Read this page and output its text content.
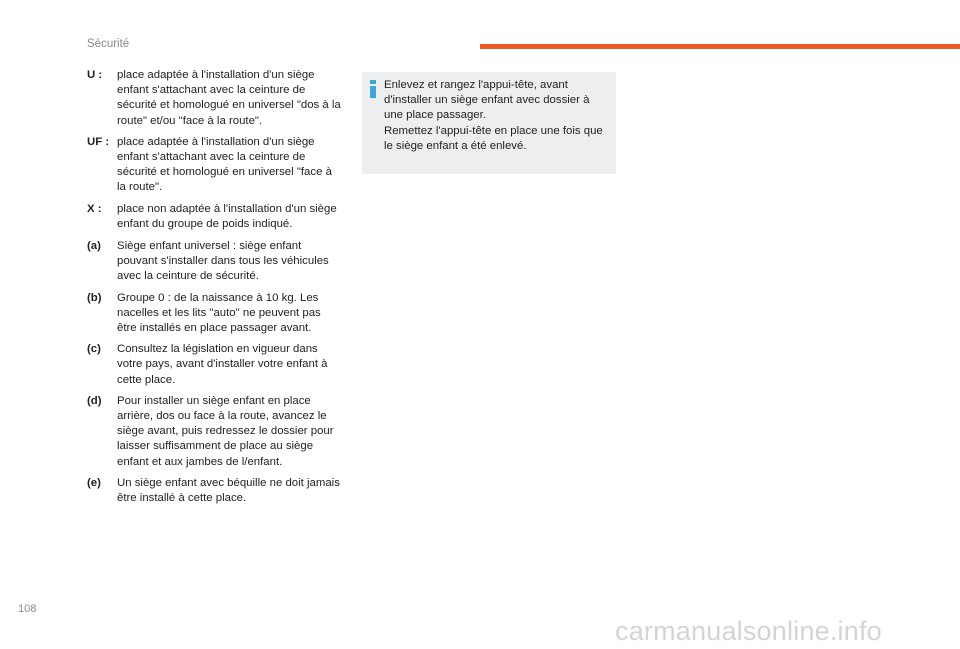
Sécurité
U :	place adaptée à l'installation d'un siège enfant s'attachant avec la ceinture de sécurité et homologué en universel "dos à la route" et/ou "face à la route".
UF : place adaptée à l'installation d'un siège enfant s'attachant avec la ceinture de sécurité et homologué en universel "face à la route".
X :	place non adaptée à l'installation d'un siège enfant du groupe de poids indiqué.
(a)	Siège enfant universel : siège enfant pouvant s'installer dans tous les véhicules avec la ceinture de sécurité.
(b)	Groupe 0 : de la naissance à 10 kg. Les nacelles et les lits "auto" ne peuvent pas être installés en place passager avant.
(c)	Consultez la législation en vigueur dans votre pays, avant d'installer votre enfant à cette place.
(d)	Pour installer un siège enfant en place arrière, dos ou face à la route, avancez le siège avant, puis redressez le dossier pour laisser suffisamment de place au siège enfant et aux jambes de l/enfant.
(e)	Un siège enfant avec béquille ne doit jamais être installé à cette place.

Enlevez et rangez l'appui-tête, avant d'installer un siège enfant avec dossier à une place passager.

Remettez l'appui-tête en place une fois que le siège enfant a été enlevé.

108
carmanualsonline.info
